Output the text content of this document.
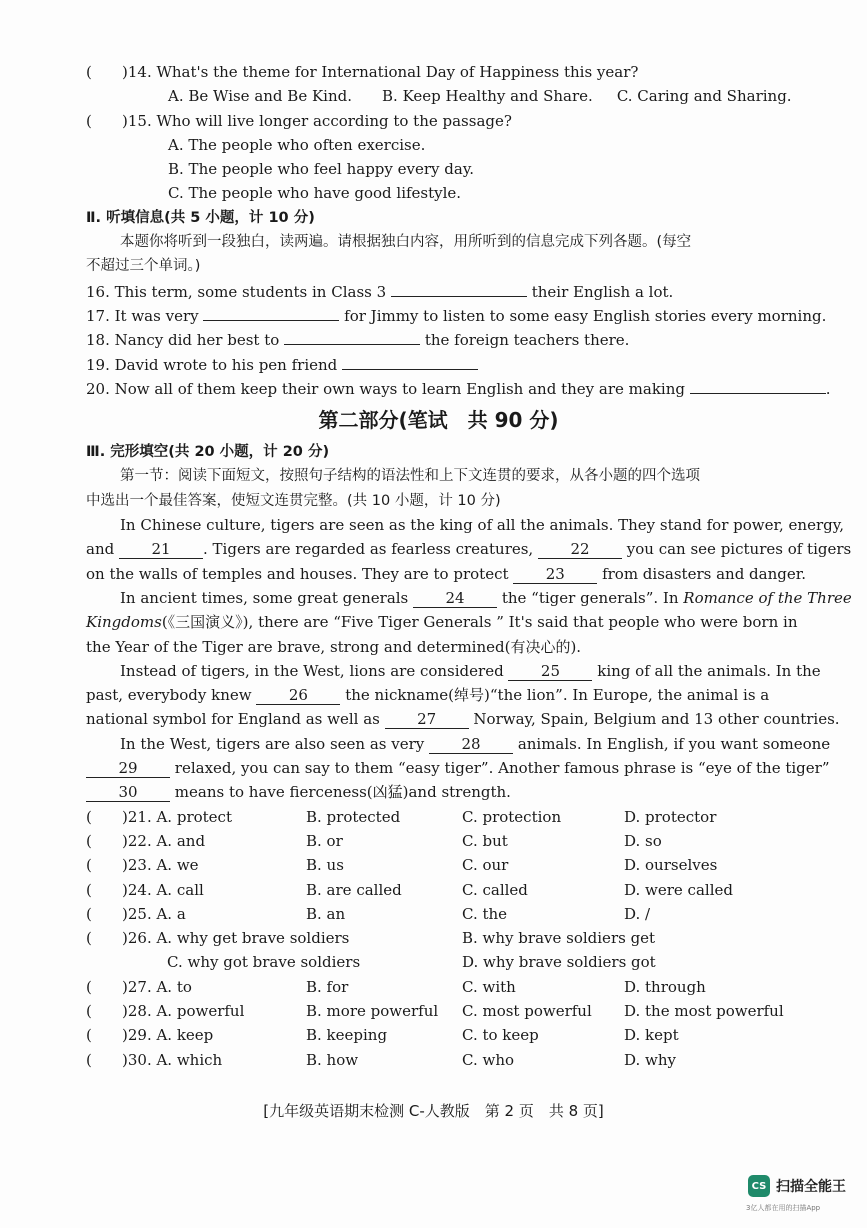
( )14. What's the theme for International Day of Happiness this year?
A. Be Wise and Be Kind. B. Keep Healthy and Share. C. Caring and Sharing.
( )15. Who will live longer according to the passage?
A. The people who often exercise.
B. The people who feel happy every day.
C. The people who have good lifestyle.
Ⅱ. 听填信息(共 5 小题，计 10 分)
本题你将听到一段独白，读两遍。请根据独白内容，用所听到的信息完成下列各题。(每空
不超过三个单词。)
16. This term, some students in Class 3	their English a lot.
17. It was very	for Jimmy to listen to some easy English stories every morning.
18. Nancy did her best to	the foreign teachers there.
19. David wrote to his pen friend
20. Now all of them keep their own ways to learn English and they are making	.
第二部分(笔试　共 90 分)
Ⅲ. 完形填空(共 20 小题，计 20 分)
第一节：阅读下面短文，按照句子结构的语法性和上下文连贯的要求，从各小题的四个选项
中选出一个最佳答案，使短文连贯完整。(共 10 小题，计 10 分)
In Chinese culture, tigers are seen as the king of all the animals. They stand for power, energy,
and 21 . Tigers are regarded as fearless creatures, 22 you can see pictures of tigers
on the walls of temples and houses. They are to protect 23 from disasters and danger.
In ancient times, some great generals 24 the “tiger generals”. In Romance of the Three
Kingdoms(《三国演义》), there are “Five Tiger Generals ” It's said that people who were born in
the Year of the Tiger are brave, strong and determined(有决心的).
Instead of tigers, in the West, lions are considered 25 king of all the animals. In the
past, everybody knew 26 the nickname(绰号)“the lion”. In Europe, the animal is a
national symbol for England as well as 27 Norway, Spain, Belgium and 13 other countries.
In the West, tigers are also seen as very 28 animals. In English, if you want someone
29 relaxed, you can say to them “easy tiger”. Another famous phrase is “eye of the tiger”
30 means to have fierceness(凶猛)and strength.
( )21. A. protect	B. protected	C. protection	D. protector
( )22. A. and	B. or	C. but	D. so
( )23. A. we	B. us	C. our	D. ourselves
( )24. A. call	B. are called	C. called	D. were called
( )25. A. a	B. an	C. the	D. /
( )26. A. why get brave soldiers	B. why brave soldiers get
C. why got brave soldiers	D. why brave soldiers got
( )27. A. to	B. for	C. with	D. through
( )28. A. powerful	B. more powerful C. most powerful D. the most powerful
( )29. A. keep	B. keeping	C. to keep	D. kept
( )30. A. which	B. how	C. who	D. why
[九年级英语期末检测 C-人教版　第 2 页　共 8 页]
CS 扫描全能王
3亿人都在用的扫描App
